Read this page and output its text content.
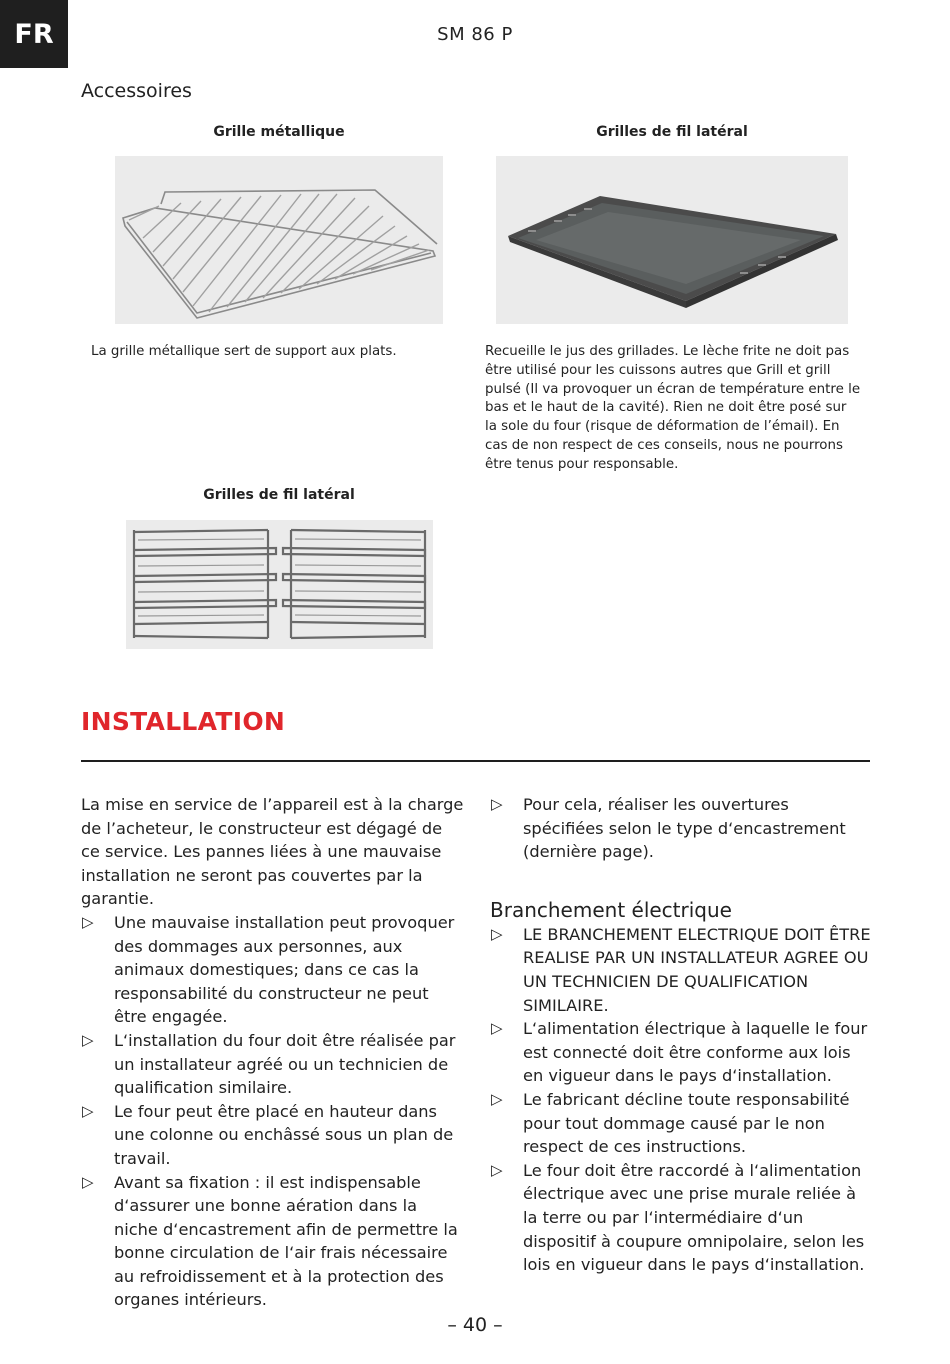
FR	SM 86 P
Accessoires
Grille métallique	Grilles de fil latéral

La grille métallique sert de support aux plats.	Recueille le jus des grillades. Le lèche frite ne doit pas être utilisé pour les cuissons autres que Grill et grill pulsé (Il va provoquer un écran de température entre le bas et le haut de la cavité). Rien ne doit être posé sur la sole du four (risque de déformation de l’émail). En cas de non respect de ces conseils, nous ne pourrons être tenus pour responsable.

Grilles de fil latéral
INSTALLATION

La mise en service de l’appareil est à la charge de l’acheteur, le constructeur est dégagé de ce service. Les pannes liées à une mauvaise installation ne seront pas couvertes par la garantie.

▷ Une mauvaise installation peut provoquer des dommages aux personnes, aux animaux domestiques; dans ce cas la responsabilité du constructeur ne peut être engagée.
▷ L‘installation du four doit être réalisée par un installateur agréé ou un technicien de qualification similaire.
▷ Le four peut être placé en hauteur dans une colonne ou enchâssé sous un plan de travail.
▷ Avant sa fixation : il est indispensable d‘assurer une bonne aération dans la niche d‘encastrement afin de permettre la bonne circulation de l‘air frais nécessaire au refroidissement et à la protection des organes intérieurs.
▷ Pour cela, réaliser les ouvertures spécifiées selon le type d‘encastrement (dernière page).

Branchement électrique

▷ LE BRANCHEMENT ELECTRIQUE DOIT ÊTRE REALISE PAR UN INSTALLATEUR AGREE OU UN TECHNICIEN DE QUALIFICATION SIMILAIRE.
▷ L‘alimentation électrique à laquelle le four est connecté doit être conforme aux lois en vigueur dans le pays d‘installation.
▷ Le fabricant décline toute responsabilité pour tout dommage causé par le non respect de ces instructions.
▷ Le four doit être raccordé à l‘alimentation électrique avec une prise murale reliée à la terre ou par l‘intermédiaire d‘un dispositif à coupure omnipolaire, selon les lois en vigueur dans le pays d‘installation.
– 40 –
